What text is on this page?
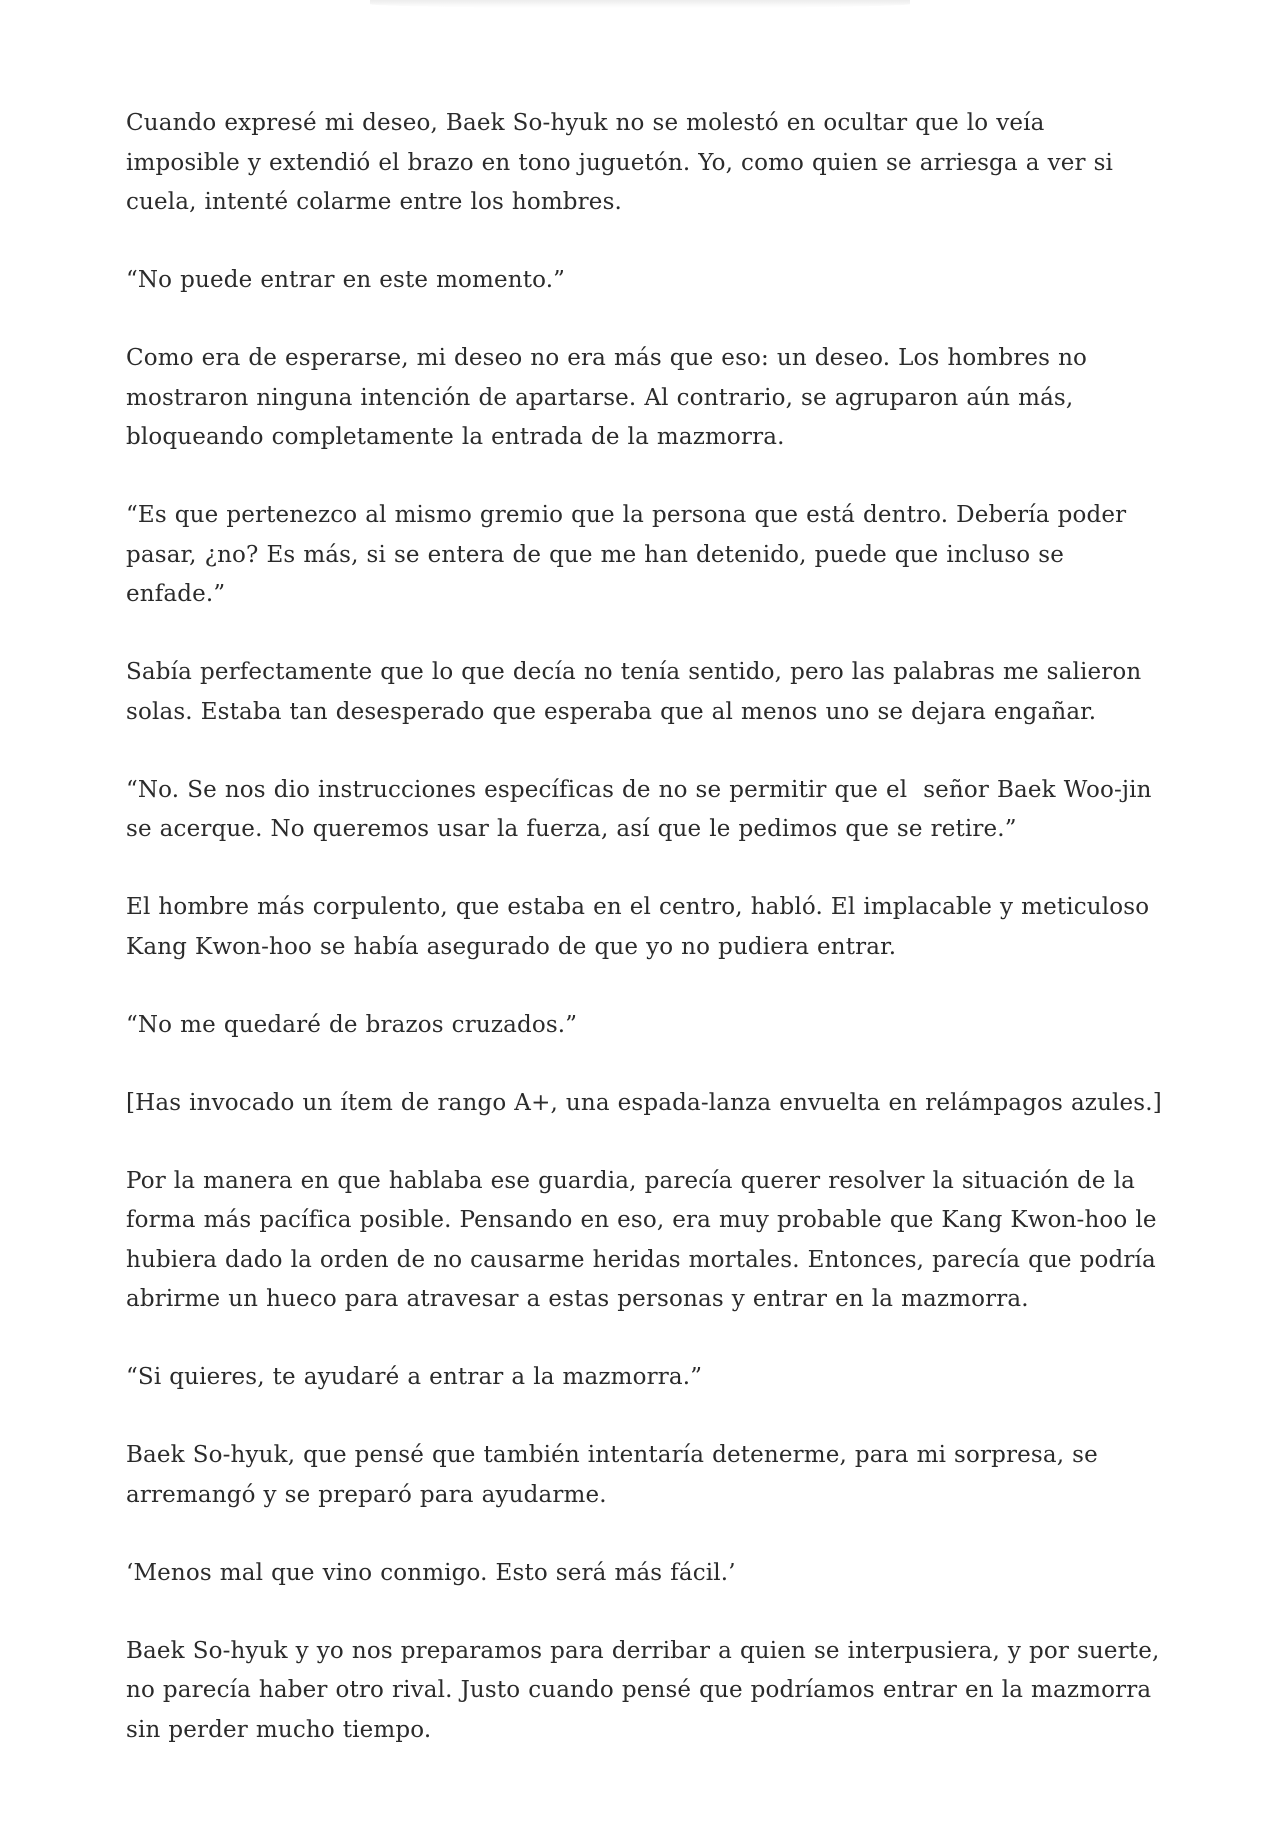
Cuando expresé mi deseo, Baek So-hyuk no se molestó en ocultar que lo veía imposible y extendió el brazo en tono juguetón. Yo, como quien se arriesga a ver si cuela, intenté colarme entre los hombres.

“No puede entrar en este momento.”

Como era de esperarse, mi deseo no era más que eso: un deseo. Los hombres no mostraron ninguna intención de apartarse. Al contrario, se agruparon aún más, bloqueando completamente la entrada de la mazmorra.

“Es que pertenezco al mismo gremio que la persona que está dentro. Debería poder pasar, ¿no? Es más, si se entera de que me han detenido, puede que incluso se enfade.”

Sabía perfectamente que lo que decía no tenía sentido, pero las palabras me salieron solas. Estaba tan desesperado que esperaba que al menos uno se dejara engañar.

“No. Se nos dio instrucciones específicas de no se permitir que el  señor Baek Woo-jin se acerque. No queremos usar la fuerza, así que le pedimos que se retire.”

El hombre más corpulento, que estaba en el centro, habló. El implacable y meticuloso Kang Kwon-hoo se había asegurado de que yo no pudiera entrar.

“No me quedaré de brazos cruzados.”

[Has invocado un ítem de rango A+, una espada-lanza envuelta en relámpagos azules.]

Por la manera en que hablaba ese guardia, parecía querer resolver la situación de la forma más pacífica posible. Pensando en eso, era muy probable que Kang Kwon-hoo le hubiera dado la orden de no causarme heridas mortales. Entonces, parecía que podría abrirme un hueco para atravesar a estas personas y entrar en la mazmorra.

“Si quieres, te ayudaré a entrar a la mazmorra.”

Baek So-hyuk, que pensé que también intentaría detenerme, para mi sorpresa, se arremangó y se preparó para ayudarme.

‘Menos mal que vino conmigo. Esto será más fácil.’

Baek So-hyuk y yo nos preparamos para derribar a quien se interpusiera, y por suerte, no parecía haber otro rival. Justo cuando pensé que podríamos entrar en la mazmorra sin perder mucho tiempo.
